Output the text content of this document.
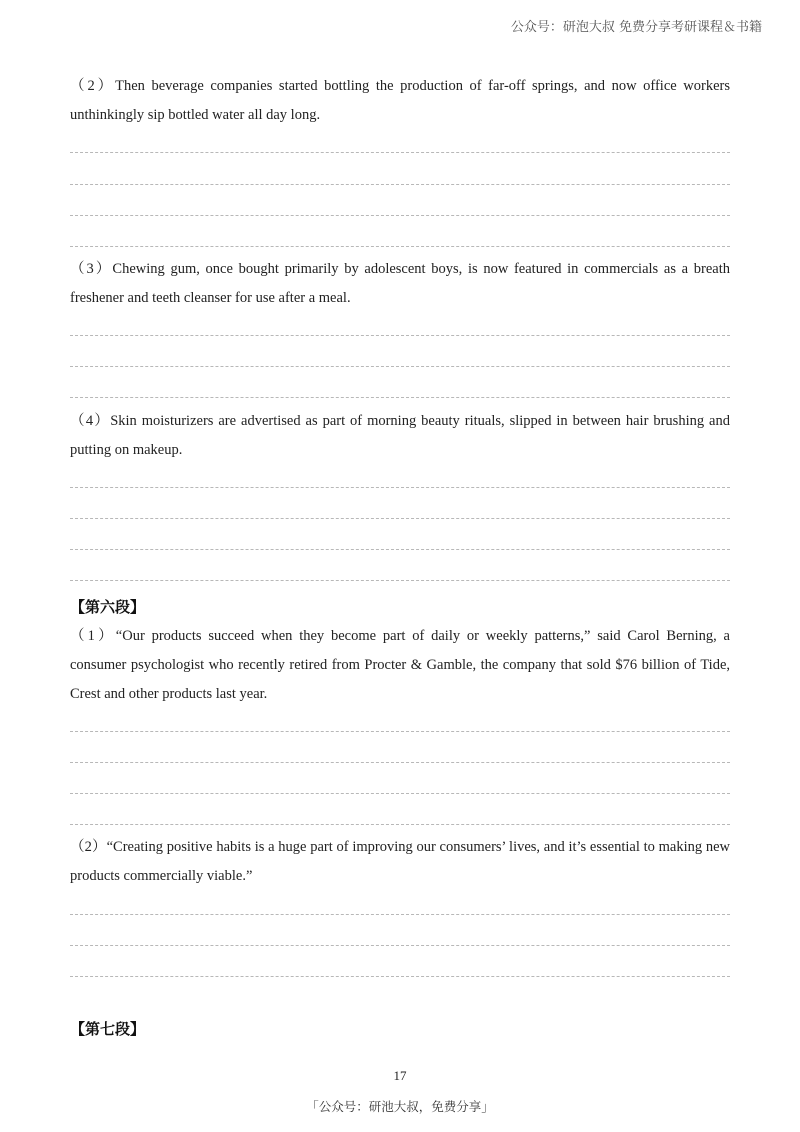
公众号：研泡大叔 免费分享考研课程＆书籍

（2）Then beverage companies started bottling the production of far-off springs, and now office workers unthinkingly sip bottled water all day long.

（3）Chewing gum, once bought primarily by adolescent boys, is now featured in commercials as a breath freshener and teeth cleanser for use after a meal.

（4）Skin moisturizers are advertised as part of morning beauty rituals, slipped in between hair brushing and putting on makeup.

【第六段】

（1）“Our products succeed when they become part of daily or weekly patterns,” said Carol Berning, a consumer psychologist who recently retired from Procter & Gamble, the company that sold $76 billion of Tide, Crest and other products last year.

（2）“Creating positive habits is a huge part of improving our consumers’ lives, and it’s essential to making new products commercially viable.”

【第七段】
17
「公众号：研池大叔，免费分享」
